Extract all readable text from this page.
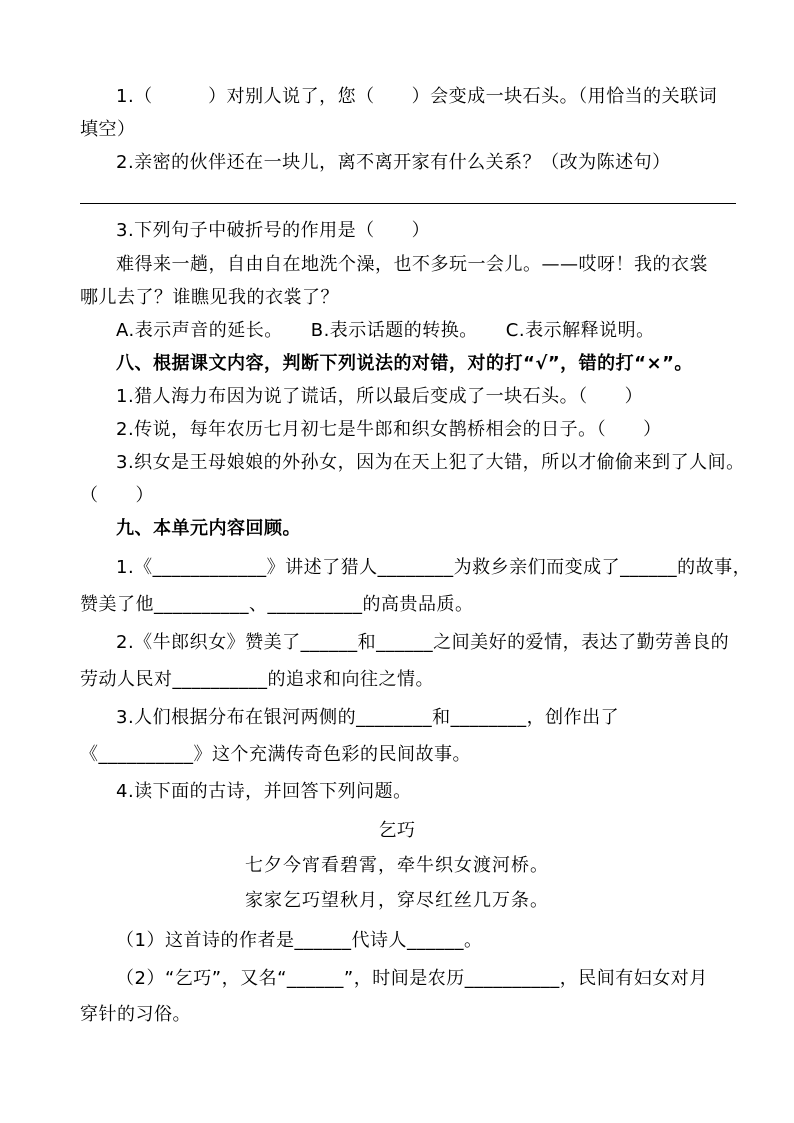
1.（　　　）对别人说了，您（　　）会变成一块石头。（用恰当的关联词
填空）
2.亲密的伙伴还在一块儿，离不离开家有什么关系？（改为陈述句）
3.下列句子中破折号的作用是（　　）
难得来一趟，自由自在地洗个澡，也不多玩一会儿。——哎呀！我的衣裳
哪儿去了？谁瞧见我的衣裳了？
A.表示声音的延长。　　B.表示话题的转换。　　C.表示解释说明。
八、根据课文内容，判断下列说法的对错，对的打“√”，错的打“×”。
1.猎人海力布因为说了谎话，所以最后变成了一块石头。（　　）
2.传说，每年农历七月初七是牛郎和织女鹊桥相会的日子。（　　）
3.织女是王母娘娘的外孙女，因为在天上犯了大错，所以才偷偷来到了人间。
（　　）
九、本单元内容回顾。
1.《____________》讲述了猎人________为救乡亲们而变成了______的故事，
赞美了他__________、__________的高贵品质。
2.《牛郎织女》赞美了______和______之间美好的爱情，表达了勤劳善良的
劳动人民对__________的追求和向往之情。
3.人们根据分布在银河两侧的________和________，创作出了
《__________》这个充满传奇色彩的民间故事。
4.读下面的古诗，并回答下列问题。
乞巧
七夕今宵看碧霄，牵牛织女渡河桥。
家家乞巧望秋月，穿尽红丝几万条。
（1）这首诗的作者是______代诗人______。
（2）“乞巧”，又名“______”，时间是农历__________，民间有妇女对月
穿针的习俗。
